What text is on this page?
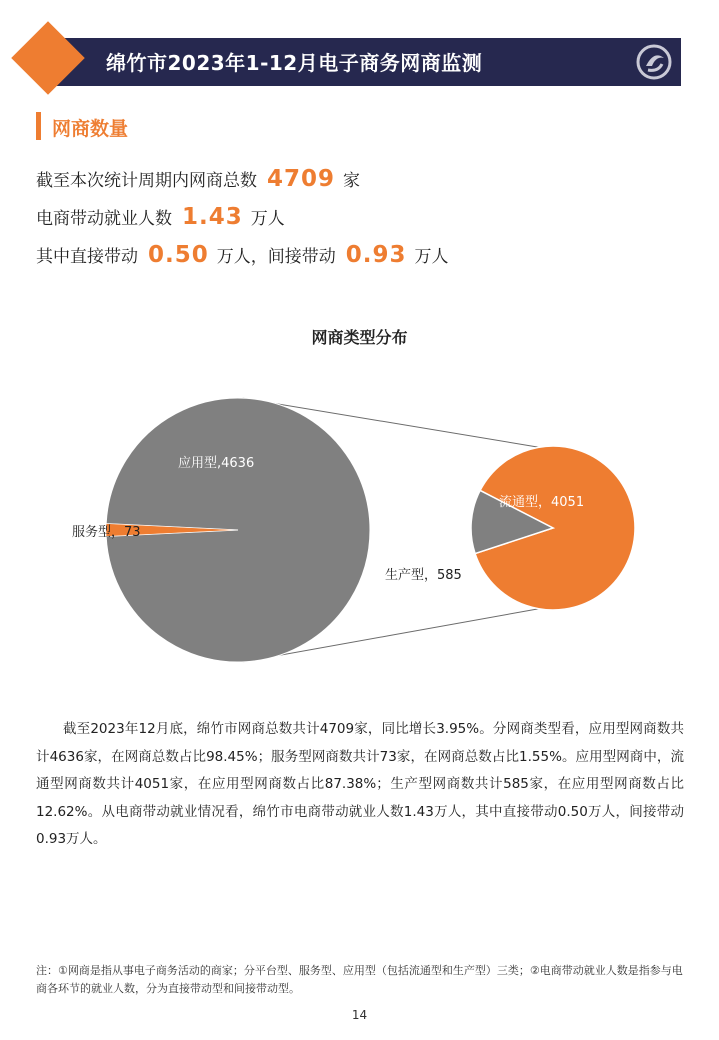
绵竹市2023年1-12月电子商务网商监测
网商数量
截至本次统计周期内网商总数 4709 家
电商带动就业人数 1.43 万人
其中直接带动 0.50 万人，间接带动 0.93 万人
网商类型分布
应用型,4636
服务型，73
流通型，4051
生产型，585

截至2023年12月底，绵竹市网商总数共计4709家，同比增长3.95%。分网商类型看，应用型网商数共计4636家，在网商总数占比98.45%；服务型网商数共计73家，在网商总数占比1.55%。应用型网商中，流通型网商数共计4051家，在应用型网商数占比87.38%；生产型网商数共计585家，在应用型网商数占比12.62%。从电商带动就业情况看，绵竹市电商带动就业人数1.43万人，其中直接带动0.50万人，间接带动0.93万人。

注：①网商是指从事电子商务活动的商家；分平台型、服务型、应用型（包括流通型和生产型）三类；②电商带动就业人数是指参与电商各环节的就业人数，分为直接带动型和间接带动型。

14
